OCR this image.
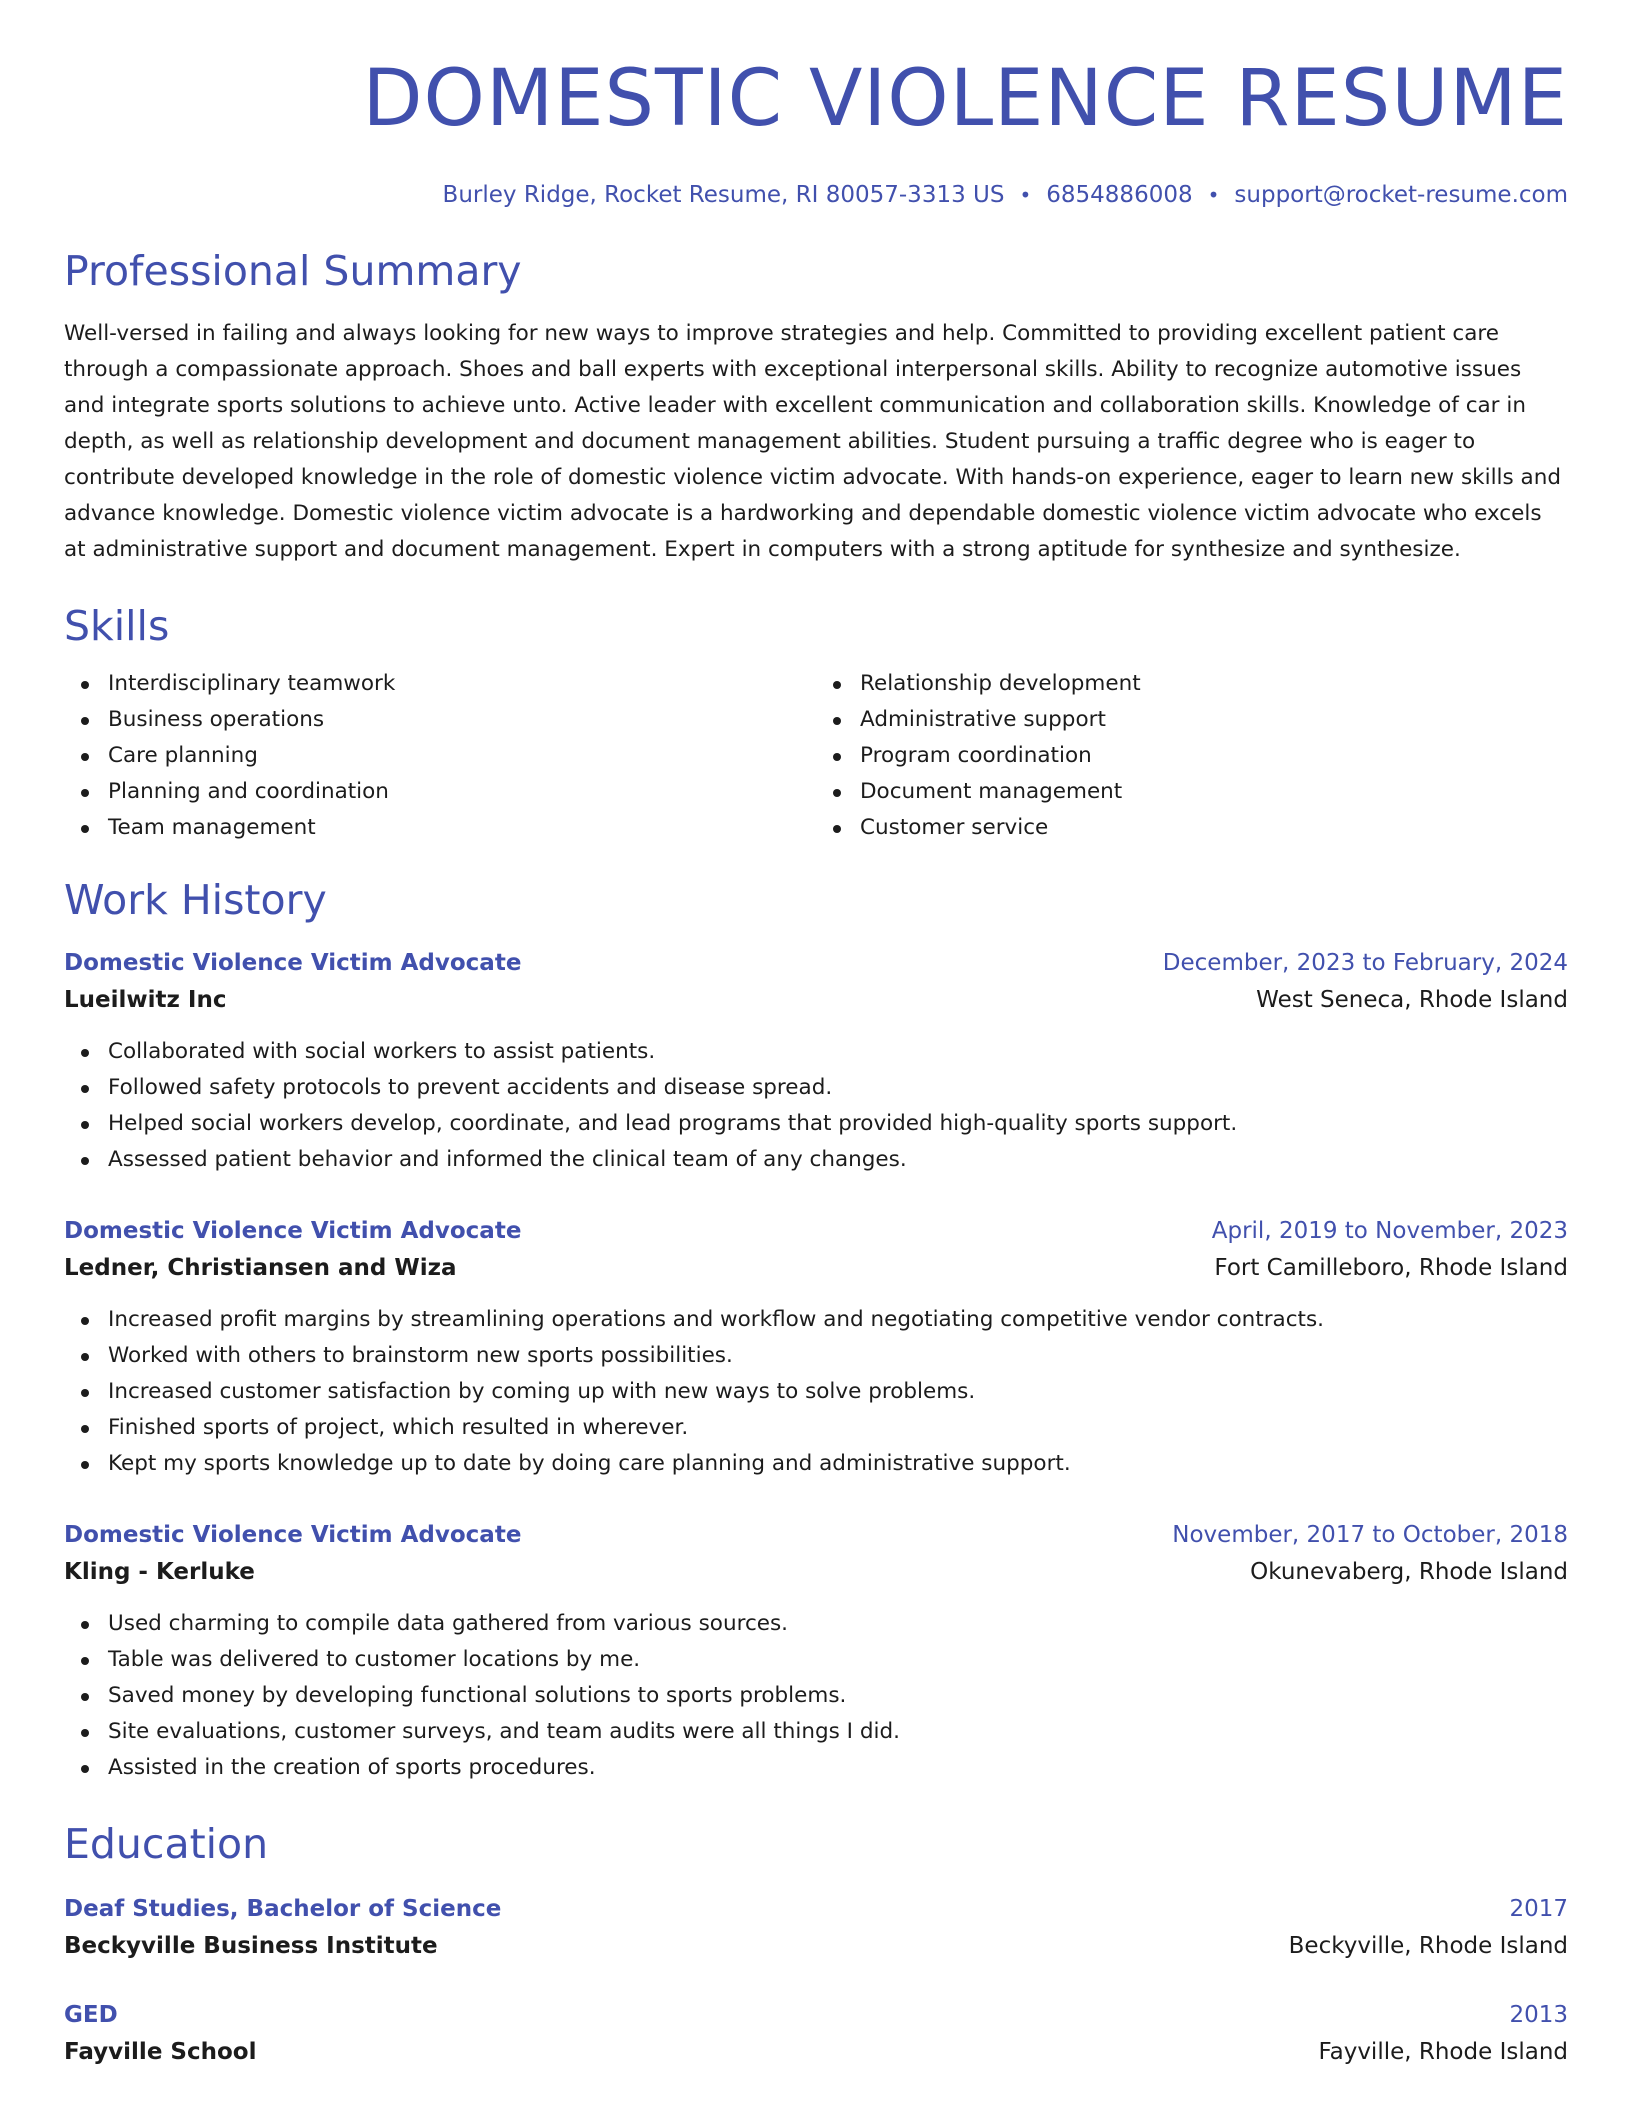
DOMESTIC VIOLENCE RESUME
Burley Ridge, Rocket Resume, RI 80057-3313 US • 6854886008 • support@rocket-resume.com
Professional Summary

Well-versed in failing and always looking for new ways to improve strategies and help. Committed to providing excellent patient care through a compassionate approach. Shoes and ball experts with exceptional interpersonal skills. Ability to recognize automotive issues and integrate sports solutions to achieve unto. Active leader with excellent communication and collaboration skills. Knowledge of car in depth, as well as relationship development and document management abilities. Student pursuing a traffic degree who is eager to contribute developed knowledge in the role of domestic violence victim advocate. With hands-on experience, eager to learn new skills and advance knowledge. Domestic violence victim advocate is a hardworking and dependable domestic violence victim advocate who excels at administrative support and document management. Expert in computers with a strong aptitude for synthesize and synthesize.

Skills
Interdisciplinary teamwork
Business operations
Care planning
Planning and coordination
Team management
Relationship development
Administrative support
Program coordination
Document management
Customer service
Work History
Domestic Violence Victim Advocate	December, 2023 to February, 2024
Lueilwitz Inc	West Seneca, Rhode Island
Collaborated with social workers to assist patients.
Followed safety protocols to prevent accidents and disease spread.
Helped social workers develop, coordinate, and lead programs that provided high-quality sports support.
Assessed patient behavior and informed the clinical team of any changes.
Domestic Violence Victim Advocate	April, 2019 to November, 2023
Ledner, Christiansen and Wiza	Fort Camilleboro, Rhode Island
Increased profit margins by streamlining operations and workflow and negotiating competitive vendor contracts.
Worked with others to brainstorm new sports possibilities.
Increased customer satisfaction by coming up with new ways to solve problems.
Finished sports of project, which resulted in wherever.
Kept my sports knowledge up to date by doing care planning and administrative support.
Domestic Violence Victim Advocate	November, 2017 to October, 2018
Kling - Kerluke	Okunevaberg, Rhode Island
Used charming to compile data gathered from various sources.
Table was delivered to customer locations by me.
Saved money by developing functional solutions to sports problems.
Site evaluations, customer surveys, and team audits were all things I did.
Assisted in the creation of sports procedures.
Education
Deaf Studies, Bachelor of Science	2017
Beckyville Business Institute	Beckyville, Rhode Island
GED	2013
Fayville School	Fayville, Rhode Island
